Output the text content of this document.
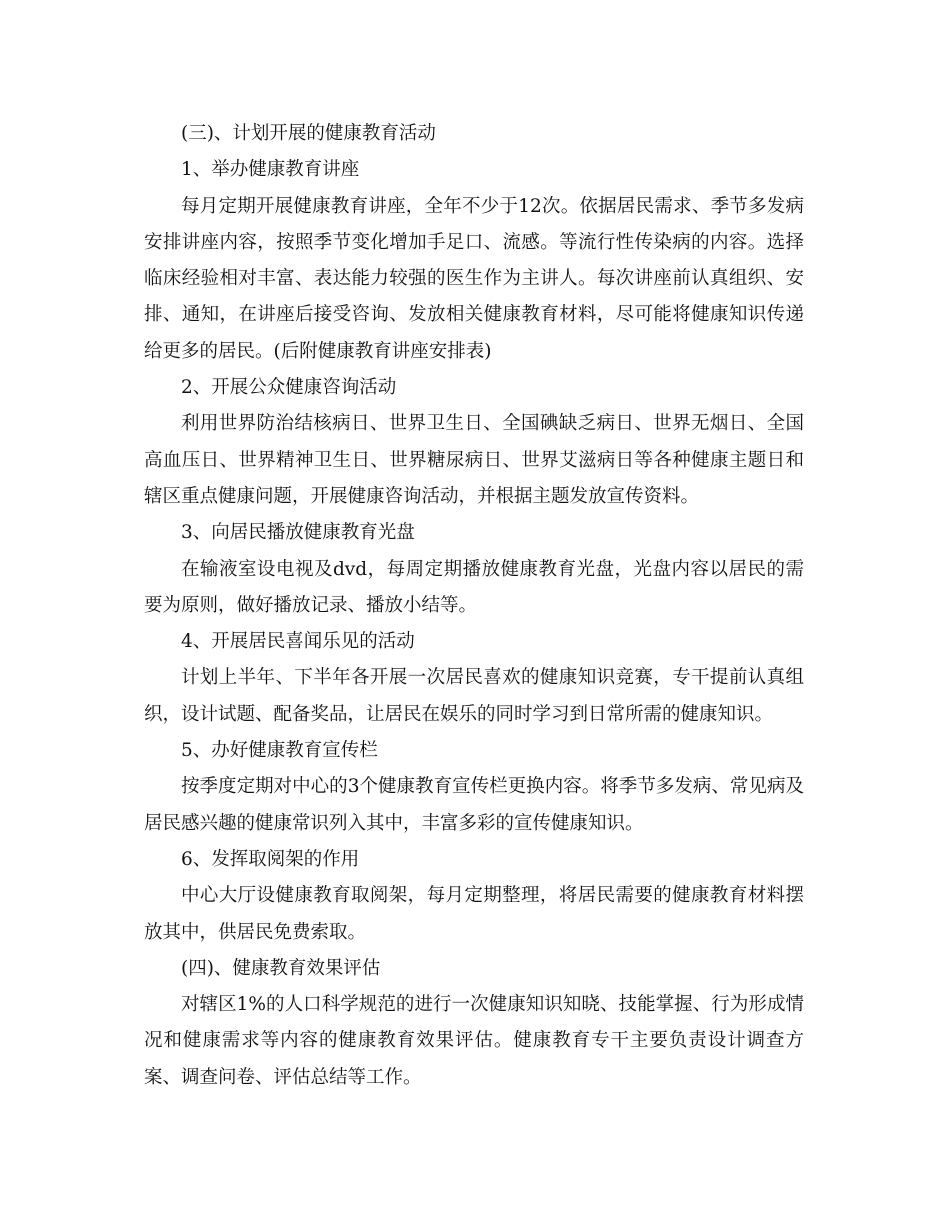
(三)、计划开展的健康教育活动

1、举办健康教育讲座

每月定期开展健康教育讲座，全年不少于12次。依据居民需求、季节多发病安排讲座内容，按照季节变化增加手足口、流感。等流行性传染病的内容。选择临床经验相对丰富、表达能力较强的医生作为主讲人。每次讲座前认真组织、安排、通知，在讲座后接受咨询、发放相关健康教育材料，尽可能将健康知识传递给更多的居民。(后附健康教育讲座安排表)

2、开展公众健康咨询活动

利用世界防治结核病日、世界卫生日、全国碘缺乏病日、世界无烟日、全国高血压日、世界精神卫生日、世界糖尿病日、世界艾滋病日等各种健康主题日和辖区重点健康问题，开展健康咨询活动，并根据主题发放宣传资料。

3、向居民播放健康教育光盘

在输液室设电视及dvd，每周定期播放健康教育光盘，光盘内容以居民的需要为原则，做好播放记录、播放小结等。

4、开展居民喜闻乐见的活动

计划上半年、下半年各开展一次居民喜欢的健康知识竞赛，专干提前认真组织，设计试题、配备奖品，让居民在娱乐的同时学习到日常所需的健康知识。

5、办好健康教育宣传栏

按季度定期对中心的3个健康教育宣传栏更换内容。将季节多发病、常见病及居民感兴趣的健康常识列入其中，丰富多彩的宣传健康知识。

6、发挥取阅架的作用

中心大厅设健康教育取阅架，每月定期整理，将居民需要的健康教育材料摆放其中，供居民免费索取。

(四)、健康教育效果评估

对辖区1%的人口科学规范的进行一次健康知识知晓、技能掌握、行为形成情况和健康需求等内容的健康教育效果评估。健康教育专干主要负责设计调查方案、调查问卷、评估总结等工作。
